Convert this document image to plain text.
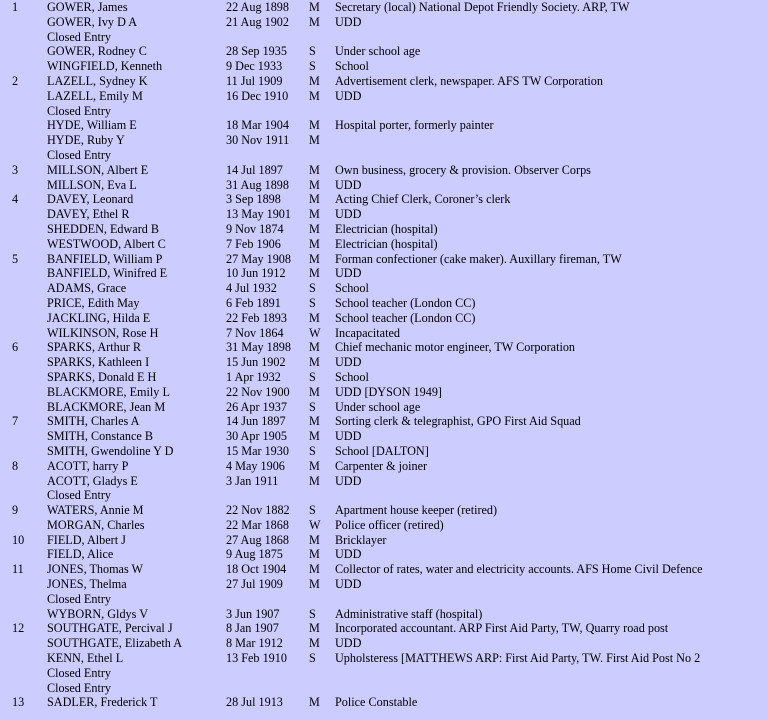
1 GOWER, James	22 Aug 1898 M Secretary (local) National Depot Friendly Society. ARP, TW
GOWER, Ivy D A	21 Aug 1902 M UDD
Closed Entry
GOWER, Rodney C	28 Sep 1935 S Under school age
WINGFIELD, Kenneth	9 Dec 1933 S School
2 LAZELL, Sydney K	11 Jul 1909 M Advertisement clerk, newspaper. AFS TW Corporation
LAZELL, Emily M	16 Dec 1910 M UDD
Closed Entry
HYDE, William E	18 Mar 1904 M Hospital porter, formerly painter
HYDE, Ruby Y	30 Nov 1911 M
Closed Entry
3 MILLSON, Albert E	14 Jul 1897 M Own business, grocery & provision. Observer Corps
MILLSON, Eva L	31 Aug 1898 M UDD
4 DAVEY, Leonard	3 Sep 1898 M Acting Chief Clerk, Coroner’s clerk
DAVEY, Ethel R	13 May 1901 M UDD
SHEDDEN, Edward B	9 Nov 1874 M Electrician (hospital)
WESTWOOD, Albert C	7 Feb 1906 M Electrician (hospital)
5 BANFIELD, William P	27 May 1908 M Forman confectioner (cake maker). Auxillary fireman, TW
BANFIELD, Winifred E	10 Jun 1912 M UDD
ADAMS, Grace	4 Jul 1932	S School
PRICE, Edith May	6 Feb 1891 S School teacher (London CC)
JACKLING, Hilda E	22 Feb 1893 M School teacher (London CC)
WILKINSON, Rose H	7 Nov 1864 W Incapacitated
6 SPARKS, Arthur R	31 May 1898 M Chief mechanic motor engineer, TW Corporation
SPARKS, Kathleen I	15 Jun 1902 M UDD
SPARKS, Donald E H	1 Apr 1932 S School
BLACKMORE, Emily L	22 Nov 1900 M UDD [DYSON 1949]
BLACKMORE, Jean M	26 Apr 1937 S Under school age
7 SMITH, Charles A	14 Jun 1897 M Sorting clerk & telegraphist, GPO First Aid Squad
SMITH, Constance B	30 Apr 1905 M UDD
SMITH, Gwendoline Y D	15 Mar 1930 S School [DALTON]
8 ACOTT, harry P	4 May 1906 M Carpenter & joiner
ACOTT, Gladys E	3 Jan 1911	M UDD
Closed Entry
9 WATERS, Annie M	22 Nov 1882 S Apartment house keeper (retired)
MORGAN, Charles	22 Mar 1868 W Police officer (retired)
10 FIELD, Albert J	27 Aug 1868 M Bricklayer
FIELD, Alice	9 Aug 1875 M UDD
11 JONES, Thomas W	18 Oct 1904 M Collector of rates, water and electricity accounts. AFS Home Civil Defence
JONES, Thelma	27 Jul 1909 M UDD
Closed Entry
WYBORN, Gldys V	3 Jun 1907 S Administrative staff (hospital)
12 SOUTHGATE, Percival J	8 Jan 1907 M Incorporated accountant. ARP First Aid Party, TW, Quarry road post
SOUTHGATE, Elizabeth A	8 Mar 1912 M UDD
KENN, Ethel L	13 Feb 1910 S Upholsteress [MATTHEWS ARP: First Aid Party, TW. First Aid Post No 2
Closed Entry
Closed Entry
13 SADLER, Frederick T	28 Jul 1913 M Police Constable
